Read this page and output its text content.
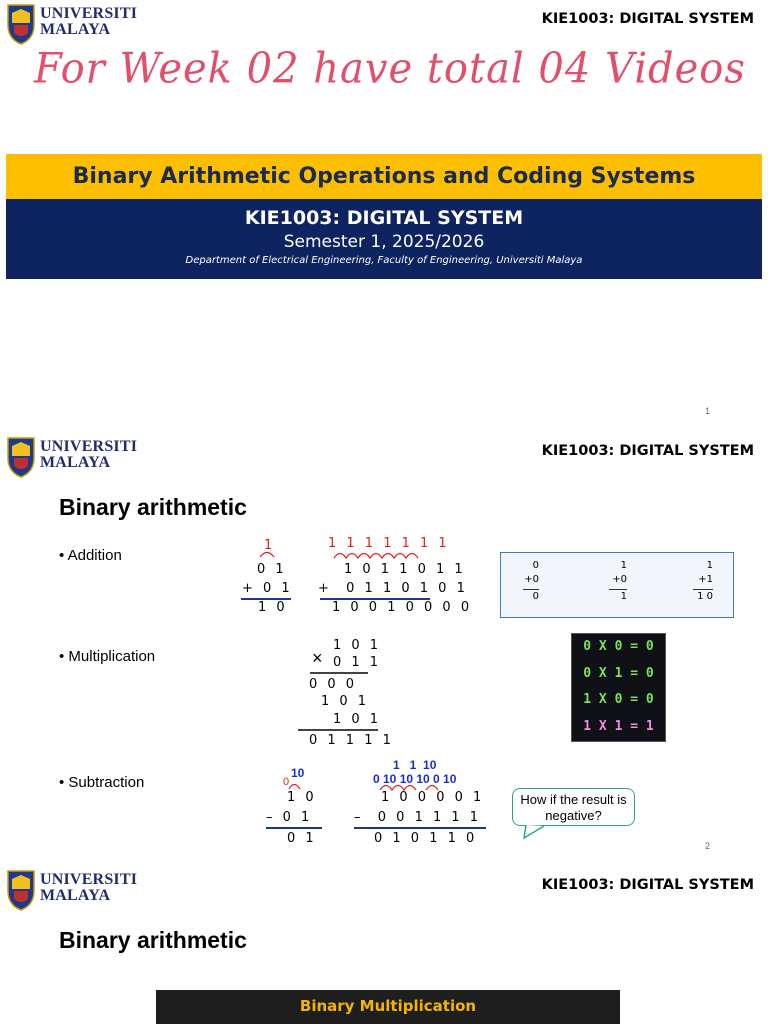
UNIVERSITI
MALAYA
KIE1003: DIGITAL SYSTEM
For Week 02 have total 04 Videos
Binary Arithmetic Operations and Coding Systems
KIE1003: DIGITAL SYSTEM
Semester 1, 2025/2026
Department of Electrical Engineering, Faculty of Engineering, Universiti Malaya
1
UNIVERSITI
MALAYA
KIE1003: DIGITAL SYSTEM
Binary arithmetic
• Addition
• Multiplication
• Subtraction
1
0 1
+ 0 1
1 0
1 1 1 1 1 1 1
1 0 1 1 0 1 1
+  0 1 1 0 1 0 1
1 0 0 1 0 0 0 0
0
+0
0
1
+0
1
1
+1
1 0
1 0 1
× 0 1 1
0 0 0
1 0 1
1 0 1
0 1 1 1 1
0 X 0 = 0
0 X 1 = 0
1 X 0 = 0
1 X 1 = 1
10
0
1 0
– 0 1
0 1
1   1  10
0 10 10 10 0 10
1 0 0 0 0 1
–  0 0 1 1 1 1
0 1 0 1 1 0
How if the result is negative?
2
UNIVERSITI
MALAYA
KIE1003: DIGITAL SYSTEM
Binary arithmetic
Binary Multiplication
